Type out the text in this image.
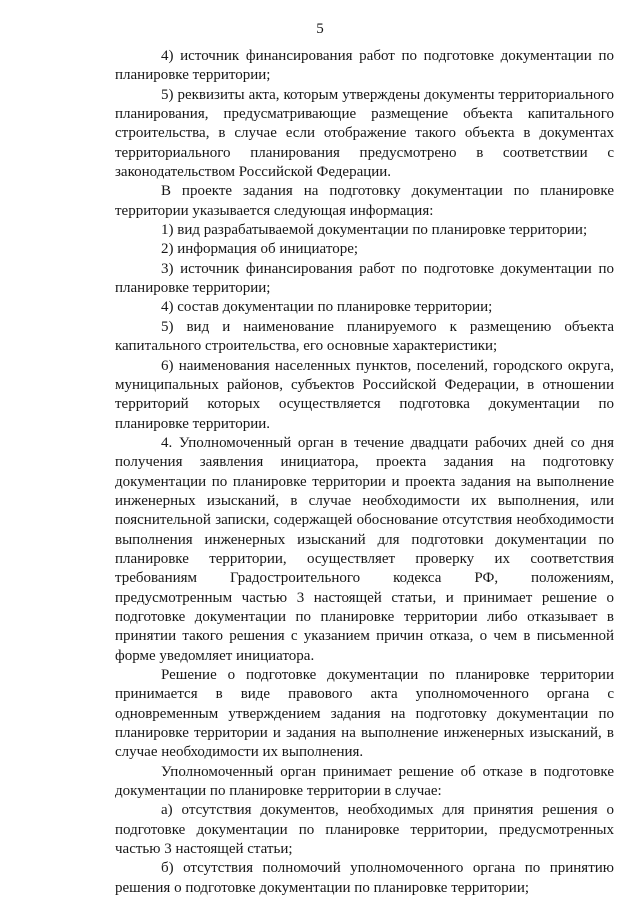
5

4) источник финансирования работ по подготовке документации по планировке территории;

5) реквизиты акта, которым утверждены документы территориального планирования, предусматривающие размещение объекта капитального строительства, в случае если отображение такого объекта в документах территориального планирования предусмотрено в соответствии с законодательством Российской Федерации.

В проекте задания на подготовку документации по планировке территории указывается следующая информация:

1) вид разрабатываемой документации по планировке территории;

2) информация об инициаторе;

3) источник финансирования работ по подготовке документации по планировке территории;

4) состав документации по планировке территории;

5) вид и наименование планируемого к размещению объекта капитального строительства, его основные характеристики;

6) наименования населенных пунктов, поселений, городского округа, муниципальных районов, субъектов Российской Федерации, в отношении территорий которых осуществляется подготовка документации по планировке территории.

4. Уполномоченный орган в течение двадцати рабочих дней со дня получения заявления инициатора, проекта задания на подготовку документации по планировке территории и проекта задания на выполнение инженерных изысканий, в случае необходимости их выполнения, или пояснительной записки, содержащей обоснование отсутствия необходимости выполнения инженерных изысканий для подготовки документации по планировке территории, осуществляет проверку их соответствия требованиям Градостроительного кодекса РФ, положениям, предусмотренным частью 3 настоящей статьи, и принимает решение о подготовке документации по планировке территории либо отказывает в принятии такого решения с указанием причин отказа, о чем в письменной форме уведомляет инициатора.

Решение о подготовке документации по планировке территории принимается в виде правового акта уполномоченного органа с одновременным утверждением задания на подготовку документации по планировке территории и задания на выполнение инженерных изысканий, в случае необходимости их выполнения.

Уполномоченный орган принимает решение об отказе в подготовке документации по планировке территории в случае:

а) отсутствия документов, необходимых для принятия решения о подготовке документации по планировке территории, предусмотренных частью 3 настоящей статьи;

б) отсутствия полномочий уполномоченного органа по принятию решения о подготовке документации по планировке территории;
